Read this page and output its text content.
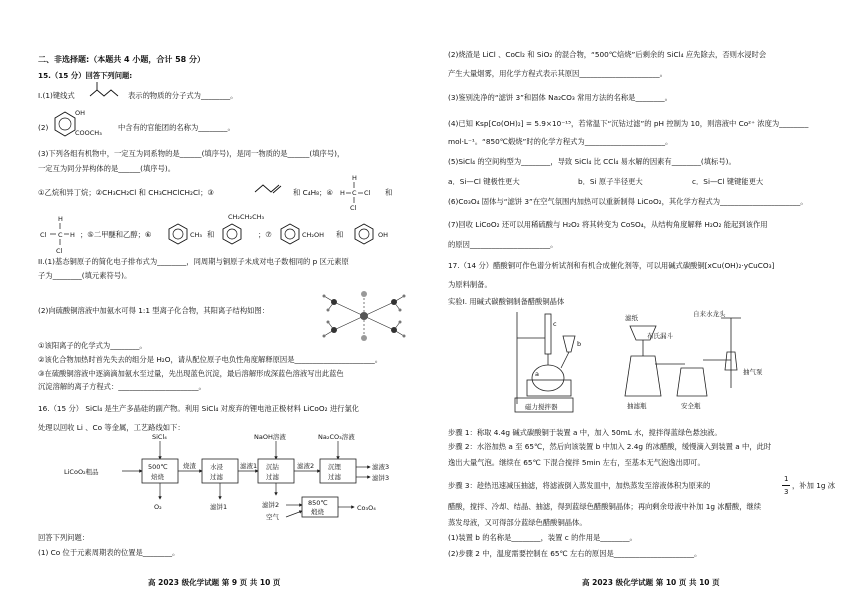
二、非选择题:（本题共 4 小题，合计 58 分）
15.（15 分）回答下列问题:
I.(1)键线式	表示的物质的分子式为________。
(2)
OH
COOCH₃
中含有的官能团的名称为________。
(3)下列各组有机物中，一定互为同系物的是______(填序号)，是同一物质的是______(填序号)，
一定互为同分异构体的是______(填序号)。
①乙烷和异丁烷；②CH₃CH₂Cl 和 CH₃CHClCH₂Cl；③	和 C₄H₈；④
H
H C Cl
Cl
和
H
Cl C H
Cl
；⑤二甲醚和乙醇；⑥	CH₃ 和
CH₂CH₂CH₃
；⑦	CH₂OH 和	OH
II.(1)基态铜原子的简化电子排布式为________，同周期与铜原子未成对电子数相同的 p 区元素原
子为________(填元素符号)。
(2)向硫酸铜溶液中加氨水可得 1:1 型离子化合物，其阳离子结构如图：
①该阳离子的化学式为________。
②该化合物加热时首先失去的组分是 H₂O，请从配位原子电负性角度解释原因是______________________。
③在硫酸铜溶液中逐滴滴加氨水至过量，先出现蓝色沉淀，最后溶解形成深蓝色溶液写出此蓝色
沉淀溶解的离子方程式：______________________。
16.（15 分） SiCl₄ 是生产多晶硅的副产物。利用 SiCl₄ 对废弃的锂电池正极材料 LiCoO₂ 进行氯化
处理以回收 Li 、Co 等金属，工艺路线如下：
SiCl₄	NaOH溶液	Na₂CO₃溶液
LiCoO₂粗品
500℃
焙烧
烧渣 水浸
过滤
滤液1 沉钴
过滤
滤液2 沉锂
过滤
滤液3
滤饼3
O₂	滤饼1	滤饼2
空气
850℃
煅烧	Co₃O₄
回答下列问题：
(1) Co 位于元素周期表的位置是________。
高 2023 级化学试题 第 9 页 共 10 页
(2)烧渣是 LiCl 、CoCl₂ 和 SiO₂ 的混合物，“500℃焙烧”后剩余的 SiCl₄ 应先除去，否则水浸时会
产生大量烟雾，用化学方程式表示其原因______________________。
(3)鉴别洗净的“滤饼 3”和固体 Na₂CO₃ 常用方法的名称是________。
(4)已知 Ksp[Co(OH)₂] = 5.9×10⁻¹⁵，若常温下“沉钴过滤”的 pH 控制为 10，则溶液中 Co²⁺ 浓度为________
mol·L⁻¹。“850℃煅烧”时的化学方程式为______________________。
(5)SiCl₄ 的空间构型为________，导致 SiCl₄ 比 CCl₄ 易水解的因素有________(填标号)。
a．Si—Cl 键极性更大	b．Si 原子半径更大	c．Si—Cl 键键能更大
(6)Co₃O₄ 固体与“滤饼 3”在空气氛围内加热可以重新制得 LiCoO₂，其化学方程式为______________________。
(7)回收 LiCoO₂ 还可以用稀硫酸与 H₂O₂ 将其转变为 CoSO₄，从结构角度解释 H₂O₂ 能起到该作用
的原因______________________。
17.（14 分）醋酸铜可作色谱分析试剂和有机合成催化剂等，可以用碱式碳酸铜[xCu(OH)₂·yCuCO₃]
为原料制备。
实验Ⅰ. 用碱式碳酸铜制备醋酸铜晶体
a
b
c
磁力搅拌器
滤纸
布氏漏斗
自来水龙头
抽滤瓶	安全瓶
抽气泵
步骤 1：称取 4.4g 碱式碳酸铜于装置 a 中，加入 50mL 水，搅拌得蓝绿色悬浊液。
步骤 2：水浴加热 a 至 65℃，然后向该装置 b 中加入 2.4g 的冰醋酸，缓慢滴入到装置 a 中，此时
逸出大量气泡。继续在 65℃ 下混合搅拌 5min 左右，至基本无气泡逸出即可。
步骤 3：趁热迅速减压抽滤，将滤液倒入蒸发皿中，加热蒸发至溶液体积为原来的
1
3
，补加 1g 冰
醋酸，搅拌、冷却、结晶、抽滤，得到蓝绿色醋酸铜晶体；再向剩余母液中补加 1g 冰醋酸，继续
蒸发母液，又可得部分蓝绿色醋酸铜晶体。
(1)装置 b 的名称是________，装置 c 的作用是________。
(2)步骤 2 中，温度需要控制在 65℃ 左右的原因是______________________。
高 2023 级化学试题 第 10 页 共 10 页
